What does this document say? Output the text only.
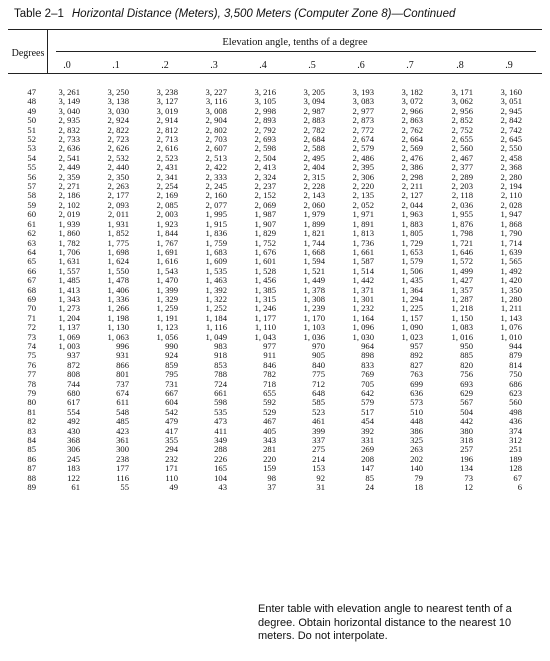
Table 2–1 Horizontal Distance (Meters), 3,500 Meters (Computer Zone 8)—Continued
Degrees
Elevation angle, tenths of a degree
.0	.1	.2	.3	.4	.5	.6	.7	.8	.9
47	3, 261	3, 250	3, 238	3, 227	3, 216	3, 205	3, 193	3, 182	3, 171	3, 160
48	3, 149	3, 138	3, 127	3, 116	3, 105	3, 094	3, 083	3, 072	3, 062	3, 051
49	3, 040	3, 030	3, 019	3, 008	2, 998	2, 987	2, 977	2, 966	2, 956	2, 945
50	2, 935	2, 924	2, 914	2, 904	2, 893	2, 883	2, 873	2, 863	2, 852	2, 842
51	2, 832	2, 822	2, 812	2, 802	2, 792	2, 782	2, 772	2, 762	2, 752	2, 742
52	2, 733	2, 723	2, 713	2, 703	2, 693	2, 684	2, 674	2, 664	2, 655	2, 645
53	2, 636	2, 626	2, 616	2, 607	2, 598	2, 588	2, 579	2, 569	2, 560	2, 550
54	2, 541	2, 532	2, 523	2, 513	2, 504	2, 495	2, 486	2, 476	2, 467	2, 458
55	2, 449	2, 440	2, 431	2, 422	2, 413	2, 404	2, 395	2, 386	2, 377	2, 368
56	2, 359	2, 350	2, 341	2, 333	2, 324	2, 315	2, 306	2, 298	2, 289	2, 280
57	2, 271	2, 263	2, 254	2, 245	2, 237	2, 228	2, 220	2, 211	2, 203	2, 194
58	2, 186	2, 177	2, 169	2, 160	2, 152	2, 143	2, 135	2, 127	2, 118	2, 110
59	2, 102	2, 093	2, 085	2, 077	2, 069	2, 060	2, 052	2, 044	2, 036	2, 028
60	2, 019	2, 011	2, 003	1, 995	1, 987	1, 979	1, 971	1, 963	1, 955	1, 947
61	1, 939	1, 931	1, 923	1, 915	1, 907	1, 899	1, 891	1, 883	1, 876	1, 868
62	1, 860	1, 852	1, 844	1, 836	1, 829	1, 821	1, 813	1, 805	1, 798	1, 790
63	1, 782	1, 775	1, 767	1, 759	1, 752	1, 744	1, 736	1, 729	1, 721	1, 714
64	1, 706	1, 698	1, 691	1, 683	1, 676	1, 668	1, 661	1, 653	1, 646	1, 639
65	1, 631	1, 624	1, 616	1, 609	1, 601	1, 594	1, 587	1, 579	1, 572	1, 565
66	1, 557	1, 550	1, 543	1, 535	1, 528	1, 521	1, 514	1, 506	1, 499	1, 492
67	1, 485	1, 478	1, 470	1, 463	1, 456	1, 449	1, 442	1, 435	1, 427	1, 420
68	1, 413	1, 406	1, 399	1, 392	1, 385	1, 378	1, 371	1, 364	1, 357	1, 350
69	1, 343	1, 336	1, 329	1, 322	1, 315	1, 308	1, 301	1, 294	1, 287	1, 280
70	1, 273	1, 266	1, 259	1, 252	1, 246	1, 239	1, 232	1, 225	1, 218	1, 211
71	1, 204	1, 198	1, 191	1, 184	1, 177	1, 170	1, 164	1, 157	1, 150	1, 143
72	1, 137	1, 130	1, 123	1, 116	1, 110	1, 103	1, 096	1, 090	1, 083	1, 076
73	1, 069	1, 063	1, 056	1, 049	1, 043	1, 036	1, 030	1, 023	1, 016	1, 010
74	1, 003	996	990	983	977	970	964	957	950	944
75	937	931	924	918	911	905	898	892	885	879
76	872	866	859	853	846	840	833	827	820	814
77	808	801	795	788	782	775	769	763	756	750
78	744	737	731	724	718	712	705	699	693	686
79	680	674	667	661	655	648	642	636	629	623
80	617	611	604	598	592	585	579	573	567	560
81	554	548	542	535	529	523	517	510	504	498
82	492	485	479	473	467	461	454	448	442	436
83	430	423	417	411	405	399	392	386	380	374
84	368	361	355	349	343	337	331	325	318	312
85	306	300	294	288	281	275	269	263	257	251
86	245	238	232	226	220	214	208	202	196	189
87	183	177	171	165	159	153	147	140	134	128
88	122	116	110	104	98	92	85	79	73	67
89	61	55	49	43	37	31	24	18	12	6
Enter table with elevation angle to nearest tenth of a degree. Obtain horizontal distance to the nearest 10 meters. Do not interpolate.
